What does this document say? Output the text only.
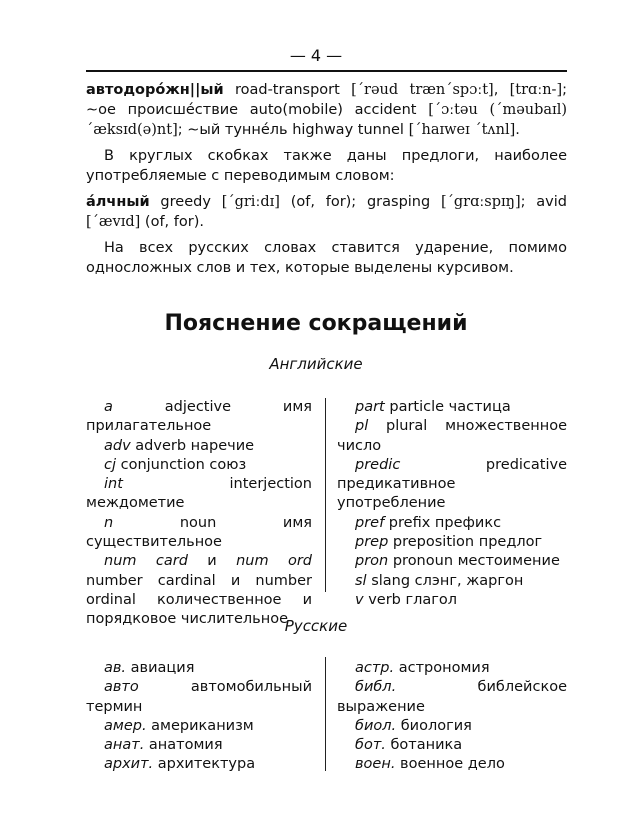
— 4 —

автодоро́жн||ый road-transport [΄rəud træn΄spɔːt], [trɑːn-]; ∼ое происше́ствие auto(mobile) accident [΄ɔːtəu (΄məubaɪl) ΄æksɪd(ə)nt]; ∼ый тунне́ль highway tunnel [΄haɪweɪ ΄tʌnl].

В круглых скобках также даны предлоги, наиболее употребляемые с переводимым словом:

а́лчный greedy [΄griːdɪ] (of, for); grasping [΄grɑːspɪŋ]; avid [΄ævɪd] (of, for).

На всех русских словах ставится ударение, помимо односложных слов и тех, которые выделены курсивом.

Пояснение сокращений
Английские
a adjective имя прилагательное
adv adverb наречие
cj conjunction союз
int interjection междометие
n noun имя существительное
num card и num ord number cardinal и number ordinal количественное и порядковое числительное
part particle частица
pl plural множественное число
predic predicative предикативное употребление
pref prefix префикс
prep preposition предлог
pron pronoun местоимение
sl slang слэнг, жаргон
v verb глагол
Русские
ав. авиация
авто автомобильный термин
амер. американизм
анат. анатомия
архит. архитектура
астр. астрономия
библ. библейское выражение
биол. биология
бот. ботаника
воен. военное дело
